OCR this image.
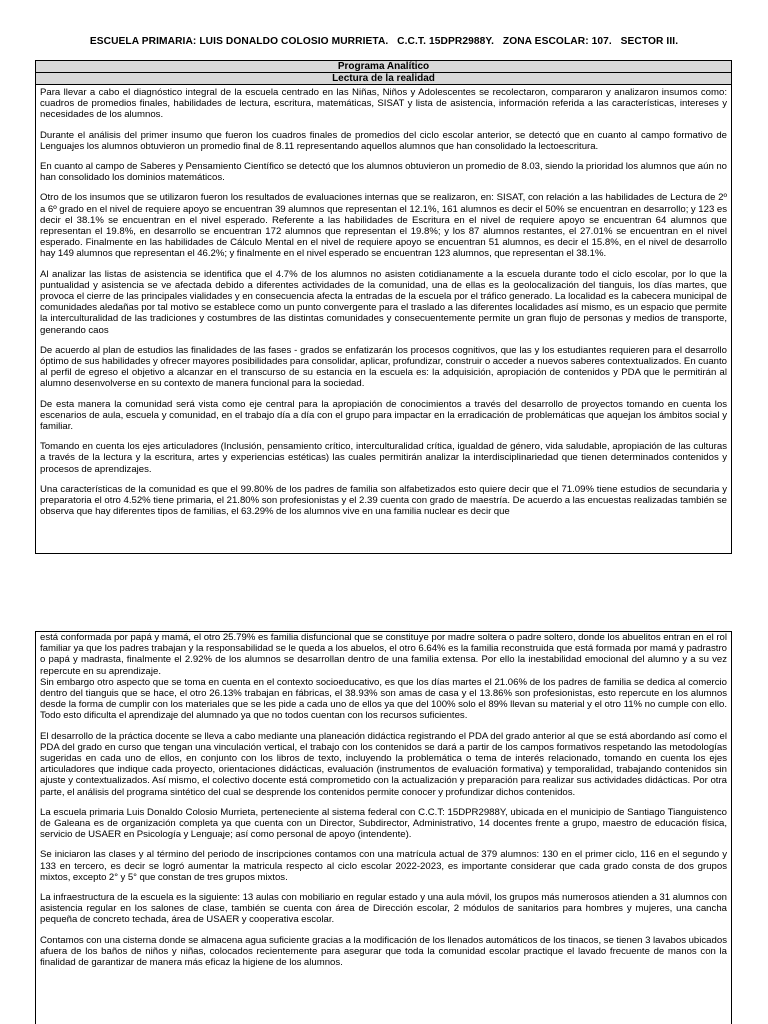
ESCUELA PRIMARIA: LUIS DONALDO COLOSIO MURRIETA.   C.C.T. 15DPR2988Y.   ZONA ESCOLAR: 107.   SECTOR III.
Programa Analítico
Lectura de la realidad

Para llevar a cabo el diagnóstico integral de la escuela centrado en las Niñas, Niños y Adolescentes se recolectaron, compararon y analizaron insumos como: cuadros de promedios finales, habilidades de lectura, escritura, matemáticas, SISAT y lista de asistencia, información referida a las características, intereses y necesidades de los alumnos.

Durante el análisis del primer insumo que fueron los cuadros finales de promedios del ciclo escolar anterior, se detectó que en cuanto al campo formativo de Lenguajes los alumnos obtuvieron un promedio final de 8.11 representando aquellos alumnos que han consolidado la lectoescritura.

En cuanto al campo de Saberes y Pensamiento Científico se detectó que los alumnos obtuvieron un promedio de 8.03, siendo la prioridad los alumnos que aún no han consolidado los dominios matemáticos.

Otro de los insumos que se utilizaron fueron los resultados de evaluaciones internas que se realizaron, en: SISAT, con relación a las habilidades de Lectura de 2º a 6º grado en el nivel de requiere apoyo se encuentran 39 alumnos que representan el 12.1%, 161 alumnos es decir el 50% se encuentran en desarrollo; y 123 es decir el 38.1% se encuentran en el nivel esperado. Referente a las habilidades de Escritura en el nivel de requiere apoyo se encuentran 64 alumnos que representan el 19.8%, en desarrollo se encuentran 172 alumnos que representan el 19.8%; y los 87 alumnos restantes, el 27.01% se encuentran en el nivel esperado. Finalmente en las habilidades de Cálculo Mental en el nivel de requiere apoyo se encuentran 51 alumnos, es decir el 15.8%, en el nivel de desarrollo hay 149 alumnos que representan el 46.2%; y finalmente en el nivel esperado se encuentran 123 alumnos, que representan el 38.1%.

Al analizar las listas de asistencia se identifica que el 4.7% de los alumnos no asisten cotidianamente a la escuela durante todo el ciclo escolar, por lo que la puntualidad y asistencia se ve afectada debido a diferentes actividades de la comunidad, una de ellas es la geolocalización del tianguis, los días martes, que provoca el cierre de las principales vialidades y en consecuencia afecta la entradas de la escuela por el tráfico generado. La localidad es la cabecera municipal de comunidades aledañas por tal motivo se establece como un punto convergente para el traslado a las diferentes localidades así mismo, es un espacio que permite la interculturalidad de las tradiciones y costumbres de las distintas comunidades y consecuentemente permite un gran flujo de personas y medios de transporte, generando caos

De acuerdo al plan de estudios las finalidades de las fases - grados se enfatizarán los procesos cognitivos, que las y los estudiantes requieren para el desarrollo óptimo de sus habilidades y ofrecer mayores posibilidades para consolidar, aplicar, profundizar, construir o acceder a nuevos saberes contextualizados. En cuanto al perfil de egreso el objetivo a alcanzar en el transcurso de su estancia en la escuela es: la adquisición, apropiación de contenidos y PDA que le permitirán al alumno desenvolverse en su contexto de manera funcional para la sociedad.

De esta manera la comunidad será vista como eje central para la apropiación de conocimientos a través del desarrollo de proyectos tomando en cuenta los escenarios de aula, escuela y comunidad, en el trabajo día a día con el grupo para impactar en la erradicación de problemáticas que aquejan los ámbitos social y familiar.

Tomando en cuenta los ejes articuladores (Inclusión, pensamiento crítico, interculturalidad crítica, igualdad de género, vida saludable, apropiación de las culturas a través de la lectura y la escritura, artes y experiencias estéticas) las cuales permitirán analizar la interdisciplinariedad que tienen determinados contenidos y procesos de aprendizajes.

Una características de la comunidad es que el 99.80% de los padres de familia son alfabetizados esto quiere decir que el 71.09% tiene estudios de secundaria y preparatoria el otro 4.52% tiene primaria, el 21.80% son profesionistas y el 2.39 cuenta con grado de maestría. De acuerdo a las encuestas realizadas también se observa que hay diferentes tipos de familias, el 63.29% de los alumnos vive en una familia nuclear es decir que

está conformada por papá y mamá, el otro 25.79% es familia disfuncional que se constituye por madre soltera o padre soltero, donde los abuelitos entran en el rol familiar ya que los padres trabajan y la responsabilidad se le queda a los abuelos, el otro 6.64% es la familia reconstruida que está formada por mamá y padrastro o papá y madrasta, finalmente el 2.92% de los alumnos se desarrollan dentro de una familia extensa. Por ello la inestabilidad emocional del alumno y a su vez repercute en su aprendizaje.

Sin embargo otro aspecto que se toma en cuenta en el contexto socioeducativo, es que los días martes el 21.06% de los padres de familia se dedica al comercio dentro del tianguis que se hace, el otro 26.13% trabajan en fábricas, el 38.93% son amas de casa y el 13.86% son profesionistas, esto repercute en los alumnos desde la forma de cumplir con los materiales que se les pide a cada uno de ellos ya que del 100% solo el 89% llevan su material y el otro 11% no cumple con ello. Todo esto dificulta el aprendizaje del alumnado ya que no todos cuentan con los recursos suficientes.

El desarrollo de la práctica docente se lleva a cabo mediante una planeación didáctica registrando el PDA del grado anterior al que se está abordando así como el PDA del grado en curso que tengan una vinculación vertical, el trabajo con los contenidos se dará a partir de los campos formativos respetando las metodologías sugeridas en cada uno de ellos, en conjunto con los libros de texto, incluyendo la problemática o tema de interés relacionado, tomando en cuenta los ejes articuladores que indique cada proyecto, orientaciones didácticas, evaluación (instrumentos de evaluación formativa) y temporalidad, trabajando contenidos sin ajuste y contextualizados. Así mismo, el colectivo docente está comprometido con la actualización y preparación para realizar sus actividades didácticas. Por otra parte, el análisis del programa sintético del cual se desprende los contenidos permite conocer y profundizar dichos contenidos.

La escuela primaria Luis Donaldo Colosio Murrieta, perteneciente al sistema federal con C.C.T: 15DPR2988Y, ubicada en el municipio de Santiago Tianguistenco de Galeana es de organización completa ya que cuenta con un Director, Subdirector, Administrativo, 14 docentes frente a grupo, maestro de educación física, servicio de USAER en Psicología y Lenguaje; así como personal de apoyo (intendente).

Se iniciaron las clases y al término del periodo de inscripciones contamos con una matrícula actual de 379 alumnos: 130 en el primer ciclo, 116 en el segundo y 133 en tercero, es decir se logró aumentar la matricula respecto al ciclo escolar 2022-2023, es importante considerar que cada grado consta de dos grupos mixtos, excepto 2° y 5° que constan de tres grupos mixtos.

La infraestructura de la escuela es la siguiente: 13 aulas con mobiliario en regular estado y una aula móvil, los grupos más numerosos atienden a 31 alumnos con asistencia regular en los salones de clase, también se cuenta con área de Dirección escolar, 2 módulos de sanitarios para hombres y mujeres, una cancha pequeña de concreto techada, área de USAER y cooperativa escolar.

Contamos con una cisterna donde se almacena agua suficiente gracias a la modificación de los llenados automáticos de los tinacos, se tienen 3 lavabos ubicados afuera de los baños de niños y niñas, colocados recientemente para asegurar que toda la comunidad escolar practique el lavado frecuente de manos con la finalidad de garantizar de manera más eficaz la higiene de los alumnos.
